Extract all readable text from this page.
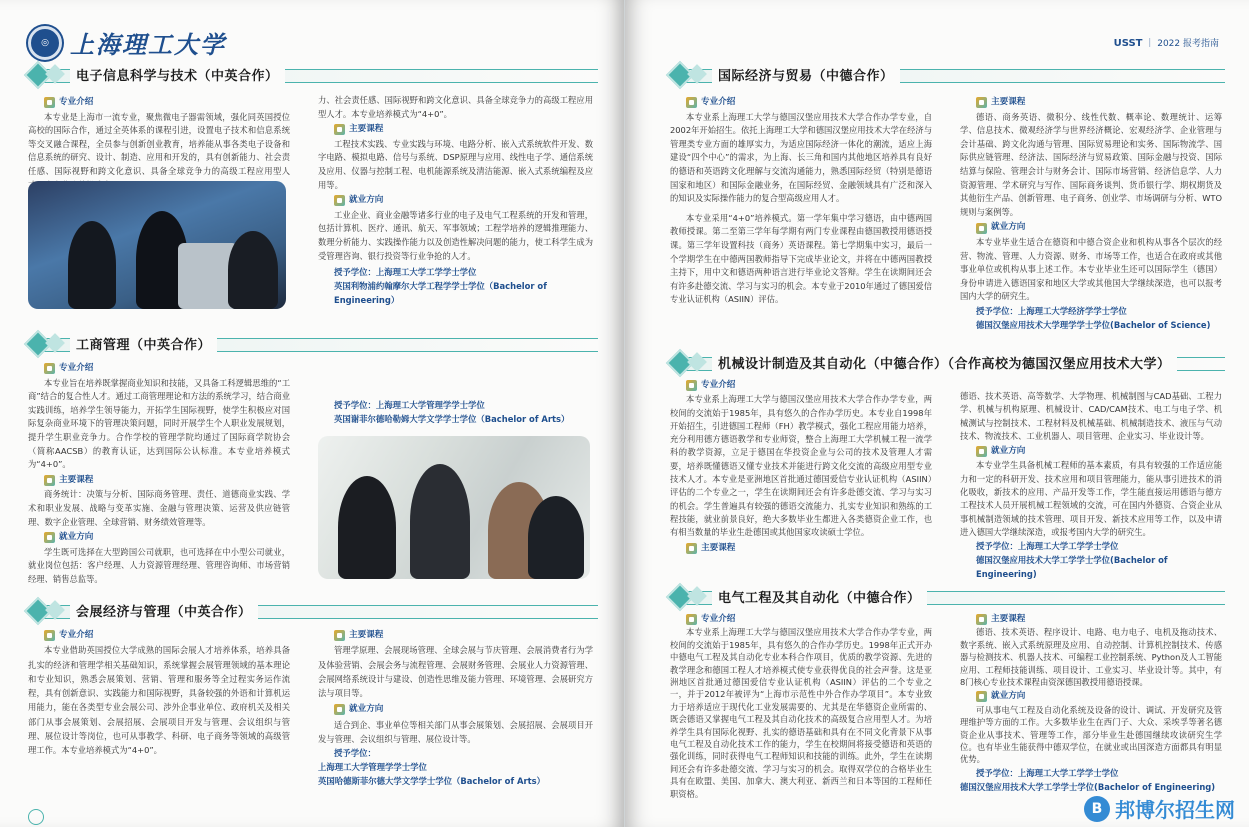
◎ 上海理工大学
电子信息科学与技术（中英合作）
专业介绍
本专业是上海市一流专业，聚焦微电子器需领域，强化同英国授位高校的国际合作，通过全英体系的课程引进，设置电子技术和信息系统等交叉融合课程，全员参与创新创业教育，培养能从事各类电子设备和信息系统的研究、设计、制造、应用和开发的，具有创新能力、社会责任感、国际视野和跨文化意识、具备全球竞争力的高级工程应用型人
力、社会责任感、国际视野和跨文化意识、具备全球竞争力的高级工程应用型人才。本专业培养模式为“4+0”。
主要课程
工程技术实践、专业实践与环境、电路分析、嵌入式系统软件开发、数字电路、模拟电路、信号与系统、DSP原理与应用、线性电子学、通信系统及应用、仪器与控制工程、电机能源系统及清洁能源、嵌入式系统编程及应用等。
就业方向
工业企业、商业金融等诸多行业的电子及电气工程系统的开发和管理，包括计算机、医疗、通讯、航天、军事领域；工程学培养的逻辑推理能力、数理分析能力、实践操作能力以及创造性解决问题的能力，使工科学生成为受管理咨询、银行投资等行业争抢的人才。
授予学位：上海理工大学工学学士学位
英国利物浦约翰摩尔大学工程学学士学位（Bachelor of Engineering）
工商管理（中英合作）
专业介绍
本专业旨在培养既掌握商业知识和技能，又具备工科逻辑思维的“工商”结合的复合性人才。通过工商管理理论和方法的系统学习，结合商业实践训练，培养学生领导能力，开拓学生国际视野，使学生积极应对国际复杂商业环境下的管理决策问题，同时开展学生个人职业发展规划，提升学生职业竞争力。合作学校的管理学院均通过了国际商学院协会（简称AACSB）的教育认证，达到国际公认标准。本专业培养模式为“4+0”。
主要课程
商务统计：决策与分析、国际商务管理、责任、道德商业实践、学术和职业发展、战略与变革实施、金融与管理决策、运营及供应链管理、数字企业管理、全球营销、财务绩效管理等。
就业方向
学生既可选择在大型跨国公司就职，也可选择在中小型公司就业，就业岗位包括：客户经理、人力资源管理经理、管理咨询师、市场营销经理、销售总监等。
授予学位：上海理工大学管理学学士学位
英国谢菲尔德哈勒姆大学文学学士学位（Bachelor of Arts）
会展经济与管理（中英合作）
专业介绍
本专业借助英国授位大学成熟的国际会展人才培养体系，培养具备扎实的经济和管理学相关基础知识，系统掌握会展管理领域的基本理论和专业知识，熟悉会展策划、营销、管理和服务等全过程实务运作流程，具有创新意识、实践能力和国际视野，具备较强的外语和计算机运用能力，能在各类型专业会展公司、涉外企事业单位、政府机关及相关部门从事会展策划、会展招展、会展项目开发与管理、会议组织与管理、展位设计等岗位，也可从事教学、科研、电子商务等领域的高级管理工作。本专业培养模式为“4+0”。
主要课程
管理学原理、会展现场管理、全球会展与节庆管理、会展消费者行为学及体验营销、会展会务与流程管理、会展财务管理、会展业人力资源管理、会展网络系统设计与建设、创造性思维及能力管理、环境管理、会展研究方法与项目等。
就业方向
适合到企、事业单位等相关部门从事会展策划、会展招展、会展项目开发与管理、会议组织与管理、展位设计等。
授予学位：
上海理工大学管理学学士学位
英国哈德斯菲尔德大学文学学士学位（Bachelor of Arts）
USST ｜ 2022 报考指南
国际经济与贸易（中德合作）
专业介绍
本专业系上海理工大学与德国汉堡应用技术大学合作办学专业，自2002年开始招生。依托上海理工大学和德国汉堡应用技术大学在经济与管理类专业方面的雄厚实力，为适应国际经济一体化的潮流，适应上海建设“四个中心”的需求，为上海、长三角和国内其他地区培养具有良好的德语和英语跨文化理解与交流沟通能力，熟悉国际经贸（特别是德语国家和地区）和国际金融业务，在国际经贸、金融领域具有广泛和深入的知识及实际操作能力的复合型高级应用人才。
本专业采用“4+0”培养模式。第一学年集中学习德语，由中德两国教师授课。第二至第三学年每学期有两门专业课程由德国教授用德语授课。第三学年设置科技（商务）英语课程。第七学期集中实习，最后一个学期学生在中德两国教师指导下完成毕业论文，并将在中德两国教授主持下，用中文和德语两种语言进行毕业论文答辩。学生在读期间还会有许多赴德交流、学习与实习的机会。本专业于2010年通过了德国爱信专业认证机构（ASIIN）评估。
主要课程
德语、商务英语、微积分、线性代数、概率论、数理统计、运筹学、信息技术、微观经济学与世界经济概论、宏观经济学、企业管理与会计基础、跨文化沟通与管理、国际贸易理论和实务、国际物流学、国际供应链管理、经济法、国际经济与贸易政策、国际金融与投资、国际结算与保险、管理会计与财务会计、国际市场营销、经济信息学、人力资源管理、学术研究与写作、国际商务谈判、货币银行学、期权期货及其他衍生产品、创新管理、电子商务、创业学、市场调研与分析、WTO规则与案例等。
就业方向
本专业毕业生适合在德资和中德合资企业和机构从事各个层次的经营、物流、管理、人力资源、财务、市场等工作，也适合在政府或其他事业单位或机构从事上述工作。本专业毕业生还可以国际学生（德国）身份申请进入德语国家和地区大学或其他国大学继续深造，也可以报考国内大学的研究生。
授予学位：上海理工大学经济学学士学位
德国汉堡应用技术大学理学学士学位(Bachelor of Science)
机械设计制造及其自动化（中德合作）（合作高校为德国汉堡应用技术大学）
专业介绍
本专业系上海理工大学与德国汉堡应用技术大学合作办学专业，两校间的交流始于1985年，具有悠久的合作办学历史。本专业自1998年开始招生，引进德国工程师（FH）教学模式，强化工程应用能力培养，充分利用德方德语教学和专业师资，整合上海理工大学机械工程一流学科的教学资源，立足于德国在华投资企业与公司的技术及管理人才需要，培养既懂德语又懂专业技术并能进行跨文化交流的高级应用型专业技术人才。本专业是亚洲地区首批通过德国爱信专业认证机构（ASIIN）评估的二个专业之一，学生在读期间还会有许多赴德交流、学习与实习的机会。学生普遍具有较强的德语交流能力、扎实专业知识和熟练的工程技能，就业前景良好，绝大多数毕业生都进入各类德资企业工作，也有相当数量的毕业生赴德国或其他国家攻读硕士学位。
主要课程
德语、技术英语、高等数学、大学物理、机械制图与CAD基础、工程力学、机械与机构原理、机械设计、CAD/CAM技术、电工与电子学、机械测试与控制技术、工程材料及机械基础、机械制造技术、液压与气动技术、物流技术、工业机器人、项目管理、企业实习、毕业设计等。
就业方向
本专业学生具备机械工程师的基本素质，有具有较强的工作适应能力和一定的科研开发、技术应用和项目管理能力，能从事引进技术的消化吸收，新技术的应用、产品开发等工作，学生能直接运用德语与德方工程技术人员开展机械工程领域的交流，可在国内外德资、合资企业从事机械制造领域的技术管理、项目开发、新技术应用等工作，以及申请进入德国大学继续深造，或报考国内大学的研究生。
授予学位：上海理工大学工学学士学位
德国汉堡应用技术大学工学学士学位(Bachelor of Engineering)
电气工程及其自动化（中德合作）
专业介绍
本专业系上海理工大学与德国汉堡应用技术大学合作办学专业，两校间的交流始于1985年，具有悠久的合作办学历史。1998年正式开办中德电气工程及其自动化专业本科合作项目，优质的教学资源、先进的教学理念和德国工程人才培养模式使专业获得优良的社会声誉。这是亚洲地区首批通过德国爱信专业认证机构（ASIIN）评估的二个专业之一，并于2012年被评为“上海市示范性中外合作办学项目”。本专业致力于培养适应于现代化工业发展需要的、尤其是在华德资企业所需的、既会德语又掌握电气工程及其自动化技术的高级复合应用型人才。为培养学生具有国际化视野、扎实的德语基础和具有在不同文化背景下从事电气工程及自动化技术工作的能力，学生在校期间将接受德语和英语的强化训练，同时获得电气工程师知识和技能的训练。此外，学生在读期间还会有许多赴德交流、学习与实习的机会。取得双学位的合格毕业生具有在欧盟、美国、加拿大、澳大利亚、新西兰和日本等国的工程师任职资格。
主要课程
德语、技术英语、程序设计、电路、电力电子、电机及拖动技术、数字系统、嵌入式系统原理及应用、自动控制、计算机控制技术、传感器与检测技术、机器人技术、可编程工业控制系统、Python及人工智能应用、工程师技能训练、项目设计、工业实习、毕业设计等。其中，有8门核心专业技术课程由资深德国教授用德语授课。
就业方向
可从事电气工程及自动化系统及设备的设计、调试、开发研究及管理维护等方面的工作。大多数毕业生在西门子、大众、采埃孚等著名德资企业从事技术、管理等工作，部分毕业生赴德国继续攻读研究生学位。也有毕业生能获得中德双学位，在就业或出国深造方面都具有明显优势。
授予学位：上海理工大学工学学士学位
德国汉堡应用技术大学工学学士学位(Bachelor of Engineering)
B 邦博尔招生网
